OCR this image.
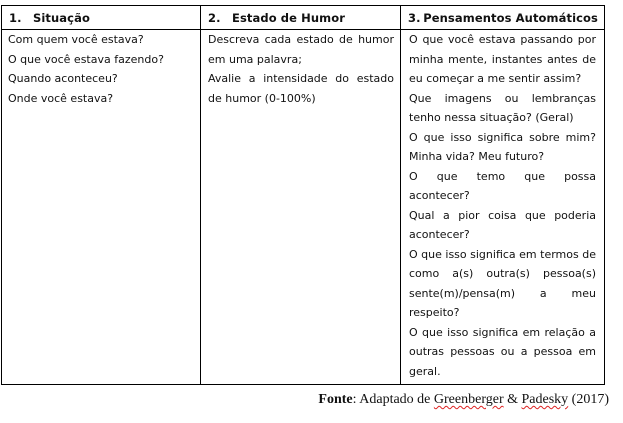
1. Situação	2. Estado de Humor	3. Pensamentos Automáticos

Com quem você estava?

O que você estava fazendo?

Quando aconteceu?

Onde você estava?

Descreva cada estado de humor em uma palavra;

Avalie a intensidade do estado de humor (0-100%)

O que você estava passando por minha mente, instantes antes de eu começar a me sentir assim?

Que imagens ou lembranças tenho nessa situação? (Geral)

O que isso significa sobre mim? Minha vida? Meu futuro?

O que temo que possa acontecer?

Qual a pior coisa que poderia acontecer?

O que isso significa em termos de como a(s) outra(s) pessoa(s) sente(m)/pensa(m) a meu respeito?

O que isso significa em relação a outras pessoas ou a pessoa em geral.

Fonte: Adaptado de Greenberger & Padesky (2017)
